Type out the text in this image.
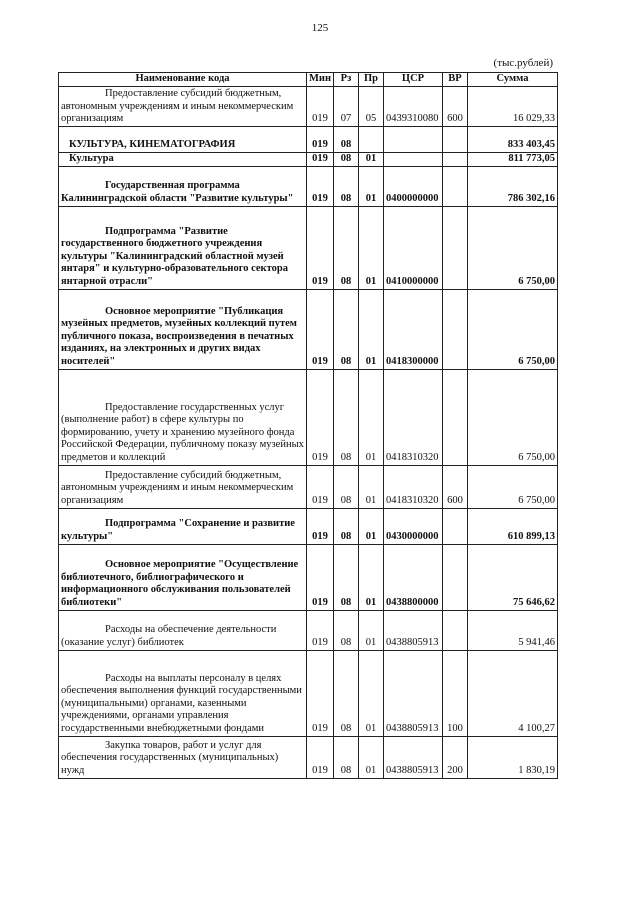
125
(тыс.рублей)
Наименование кода	Мин	Рз	Пр	ЦСР	ВР	Сумма

Предоставление субсидий бюджетным, автономным учреждениям и иным некоммерческим организациям	019	07	05	0439310080	600	16 029,33

КУЛЬТУРА, КИНЕМАТОГРАФИЯ	019	08				833 403,45

Культура	019	08	01			811 773,05

Государственная программа Калининградской области "Развитие культуры"	019	08	01	0400000000		786 302,16

Подпрограмма "Развитие государственного бюджетного учреждения культуры "Калининградский областной музей янтаря" и культурно-образовательного сектора янтарной отрасли"	019	08	01	0410000000		6 750,00

Основное мероприятие "Публикация музейных предметов, музейных коллекций путем публичного показа, воспроизведения в печатных изданиях, на электронных и других видах носителей"	019	08	01	0418300000		6 750,00

Предоставление государственных услуг (выполнение работ) в сфере культуры по формированию, учету и хранению музейного фонда Российской Федерации, публичному показу музейных предметов и коллекций	019	08	01	0418310320		6 750,00

Предоставление субсидий бюджетным, автономным учреждениям и иным некоммерческим организациям	019	08	01	0418310320	600	6 750,00

Подпрограмма "Сохранение и развитие культуры"	019	08	01	0430000000		610 899,13

Основное мероприятие "Осуществление библиотечного, библиографического и информационного обслуживания пользователей библиотеки"	019	08	01	0438800000		75 646,62

Расходы на обеспечение деятельности (оказание услуг) библиотек	019	08	01	0438805913		5 941,46

Расходы на выплаты персоналу в целях обеспечения выполнения функций государственными (муниципальными) органами, казенными учреждениями, органами управления государственными внебюджетными фондами	019	08	01	0438805913	100	4 100,27

Закупка товаров, работ и услуг для обеспечения государственных (муниципальных) нужд	019	08	01	0438805913	200	1 830,19
